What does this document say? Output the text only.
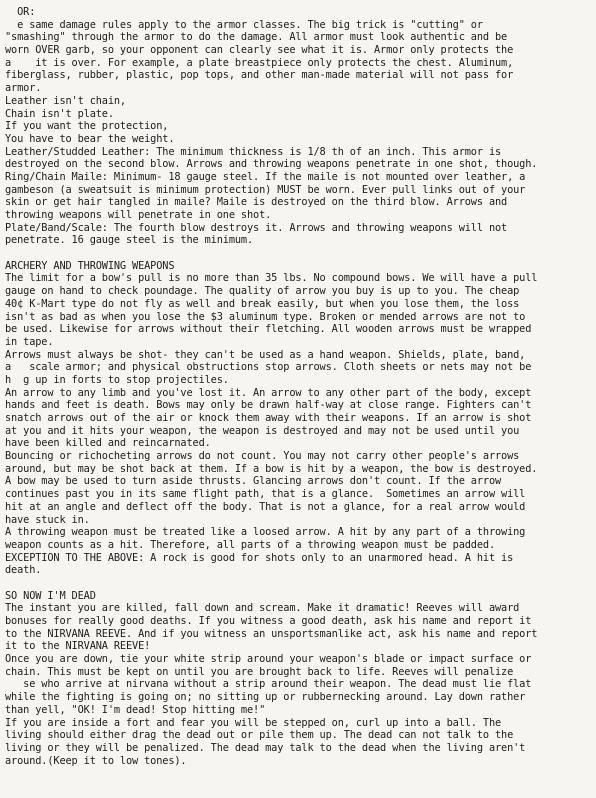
OR:
e same damage rules apply to the armor classes. The big trick is "cutting" or
"smashing" through the armor to do the damage. All armor must look authentic and be
worn OVER garb, so your opponent can clearly see what it is. Armor only protects the
a    it is over. For example, a plate breastpiece only protects the chest. Aluminum,
fiberglass, rubber, plastic, pop tops, and other man-made material will not pass for
armor.
Leather isn't chain,
Chain isn't plate.
If you want the protection,
You have to bear the weight.
Leather/Studded Leather: The minimum thickness is 1/8 th of an inch. This armor is
destroyed on the second blow. Arrows and throwing weapons penetrate in one shot, though.
Ring/Chain Maile: Minimum- 18 gauge steel. If the maile is not mounted over leather, a
gambeson (a sweatsuit is minimum protection) MUST be worn. Ever pull links out of your
skin or get hair tangled in maile? Maile is destroyed on the third blow. Arrows and
throwing weapons will penetrate in one shot.
Plate/Band/Scale: The fourth blow destroys it. Arrows and throwing weapons will not
penetrate. 16 gauge steel is the minimum.
ARCHERY AND THROWING WEAPONS
The limit for a bow's pull is no more than 35 lbs. No compound bows. We will have a pull
gauge on hand to check poundage. The quality of arrow you buy is up to you. The cheap
40¢ K-Mart type do not fly as well and break easily, but when you lose them, the loss
isn't as bad as when you lose the $3 aluminum type. Broken or mended arrows are not to
be used. Likewise for arrows without their fletching. All wooden arrows must be wrapped
in tape.
Arrows must always be shot- they can't be used as a hand weapon. Shields, plate, band,
a   scale armor; and physical obstructions stop arrows. Cloth sheets or nets may not be
h  g up in forts to stop projectiles.
An arrow to any limb and you've lost it. An arrow to any other part of the body, except
hands and feet is death. Bows may only be drawn half-way at close range. Fighters can't
snatch arrows out of the air or knock them away with their weapons. If an arrow is shot
at you and it hits your weapon, the weapon is destroyed and may not be used until you
have been killed and reincarnated.
Bouncing or richocheting arrows do not count. You may not carry other people's arrows
around, but may be shot back at them. If a bow is hit by a weapon, the bow is destroyed.
A bow may be used to turn aside thrusts. Glancing arrows don't count. If the arrow
continues past you in its same flight path, that is a glance.  Sometimes an arrow will
hit at an angle and deflect off the body. That is not a glance, for a real arrow would
have stuck in.
A throwing weapon must be treated like a loosed arrow. A hit by any part of a throwing
weapon counts as a hit. Therefore, all parts of a throwing weapon must be padded.
EXCEPTION TO THE ABOVE: A rock is good for shots only to an unarmored head. A hit is
death.
SO NOW I'M DEAD
The instant you are killed, fall down and scream. Make it dramatic! Reeves will award
bonuses for really good deaths. If you witness a good death, ask his name and report it
to the NIRVANA REEVE. And if you witness an unsportsmanlike act, ask his name and report
it to the NIRVANA REEVE!
Once you are down, tie your white strip around your weapon's blade or impact surface or
chain. This must be kept on until you are brought back to life. Reeves will penalize
se who arrive at nirvana without a strip around their weapon. The dead must lie flat
while the fighting is going on; no sitting up or rubbernecking around. Lay down rather
than yell, "OK! I'm dead! Stop hitting me!"
If you are inside a fort and fear you will be stepped on, curl up into a ball. The
living should either drag the dead out or pile them up. The dead can not talk to the
living or they will be penalized. The dead may talk to the dead when the living aren't
around.(Keep it to low tones).
